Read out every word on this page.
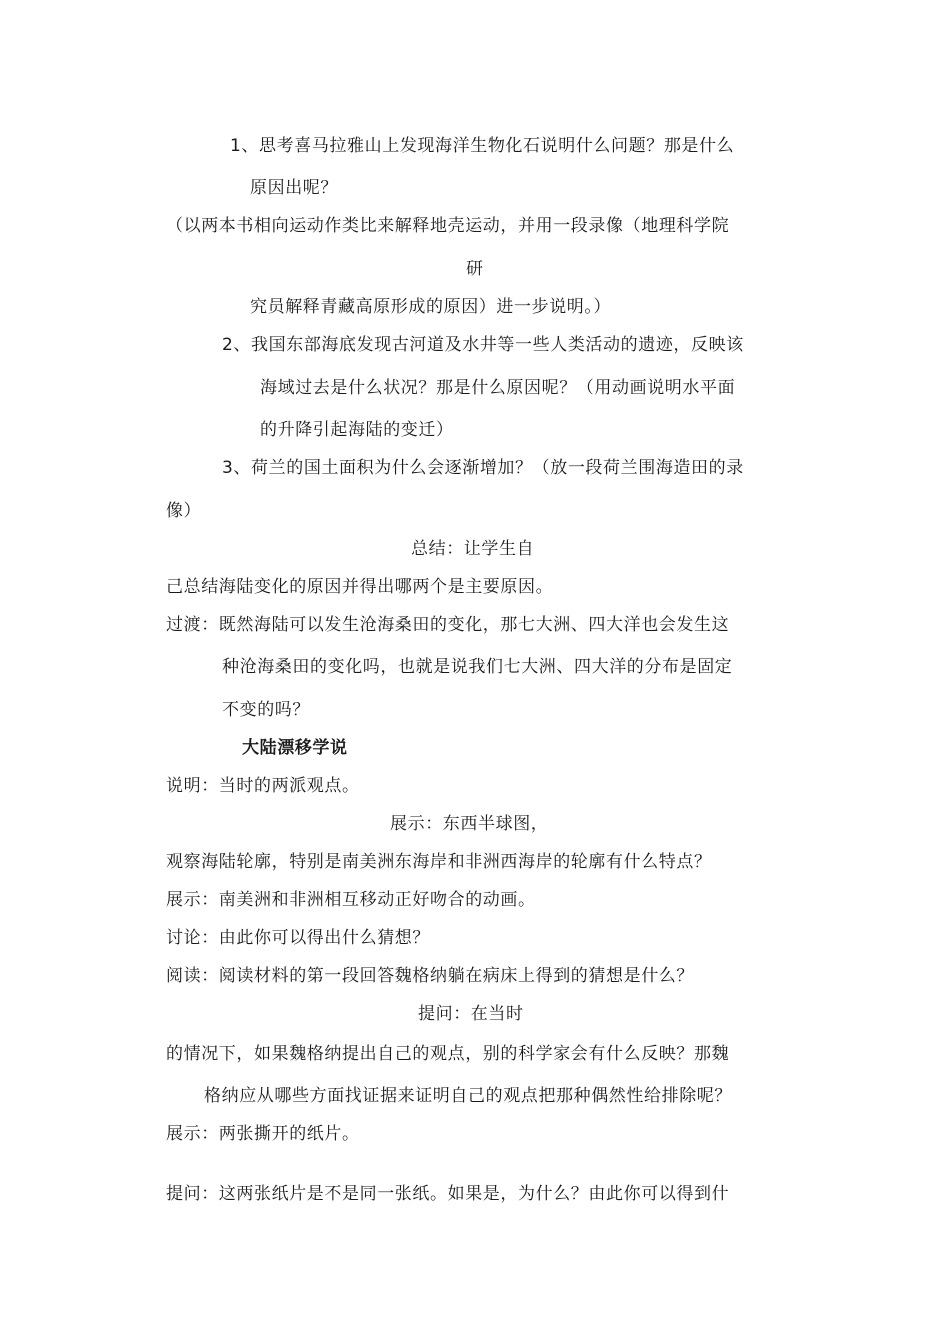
1、思考喜马拉雅山上发现海洋生物化石说明什么问题？那是什么
原因出呢？
（以两本书相向运动作类比来解释地壳运动，并用一段录像（地理科学院
研
究员解释青藏高原形成的原因）进一步说明。）
2、我国东部海底发现古河道及水井等一些人类活动的遗迹，反映该
海域过去是什么状况？那是什么原因呢？（用动画说明水平面
的升降引起海陆的变迁）
3、荷兰的国土面积为什么会逐渐增加？（放一段荷兰围海造田的录
像）
总结：让学生自
己总结海陆变化的原因并得出哪两个是主要原因。
过渡：既然海陆可以发生沧海桑田的变化，那七大洲、四大洋也会发生这
种沧海桑田的变化吗，也就是说我们七大洲、四大洋的分布是固定
不变的吗？
大陆漂移学说
说明：当时的两派观点。
展示：东西半球图，
观察海陆轮廓，特别是南美洲东海岸和非洲西海岸的轮廓有什么特点？
展示：南美洲和非洲相互移动正好吻合的动画。
讨论：由此你可以得出什么猜想？
阅读：阅读材料的第一段回答魏格纳躺在病床上得到的猜想是什么？
提问：在当时
的情况下，如果魏格纳提出自己的观点，别的科学家会有什么反映？那魏
格纳应从哪些方面找证据来证明自己的观点把那种偶然性给排除呢？
展示：两张撕开的纸片。
提问：这两张纸片是不是同一张纸。如果是，为什么？由此你可以得到什
